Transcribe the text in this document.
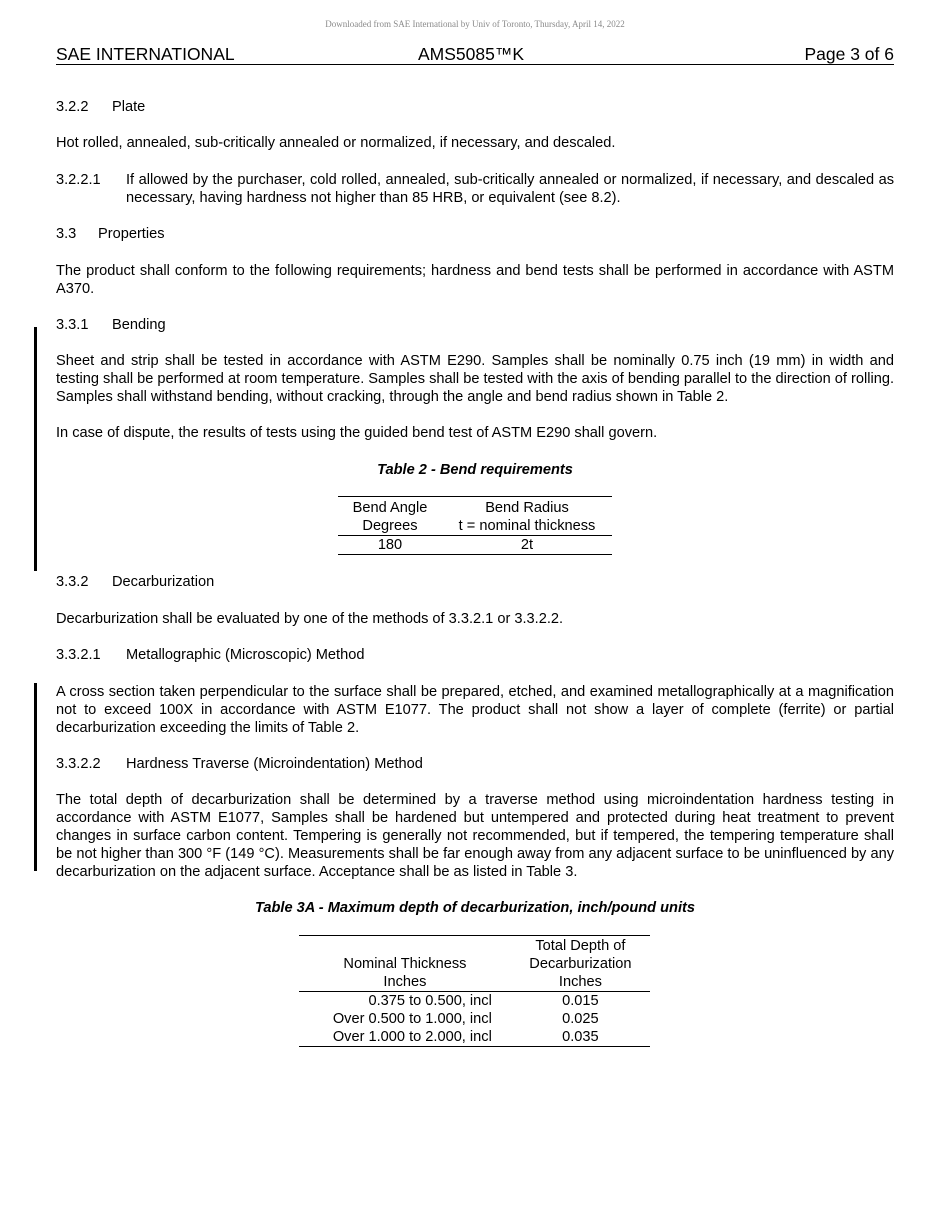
Downloaded from SAE International by Univ of Toronto, Thursday, April 14, 2022
SAE INTERNATIONAL	AMS5085™K	Page 3 of 6
3.2.2 Plate
Hot rolled, annealed, sub-critically annealed or normalized, if necessary, and descaled.
3.2.2.1 If allowed by the purchaser, cold rolled, annealed, sub-critically annealed or normalized, if necessary, and descaled as necessary, having hardness not higher than 85 HRB, or equivalent (see 8.2).
3.3 Properties
The product shall conform to the following requirements; hardness and bend tests shall be performed in accordance with ASTM A370.
3.3.1 Bending
Sheet and strip shall be tested in accordance with ASTM E290. Samples shall be nominally 0.75 inch (19 mm) in width and testing shall be performed at room temperature. Samples shall be tested with the axis of bending parallel to the direction of rolling. Samples shall withstand bending, without cracking, through the angle and bend radius shown in Table 2.
In case of dispute, the results of tests using the guided bend test of ASTM E290 shall govern.
Table 2 - Bend requirements
Bend Angle	Bend Radius
Degrees	t = nominal thickness
180	2t
3.3.2 Decarburization
Decarburization shall be evaluated by one of the methods of 3.3.2.1 or 3.3.2.2.
3.3.2.1 Metallographic (Microscopic) Method
A cross section taken perpendicular to the surface shall be prepared, etched, and examined metallographically at a magnification not to exceed 100X in accordance with ASTM E1077. The product shall not show a layer of complete (ferrite) or partial decarburization exceeding the limits of Table 2.
3.3.2.2 Hardness Traverse (Microindentation) Method
The total depth of decarburization shall be determined by a traverse method using microindentation hardness testing in accordance with ASTM E1077, Samples shall be hardened but untempered and protected during heat treatment to prevent changes in surface carbon content. Tempering is generally not recommended, but if tempered, the tempering temperature shall be not higher than 300 °F (149 °C). Measurements shall be far enough away from any adjacent surface to be uninfluenced by any decarburization on the adjacent surface. Acceptance shall be as listed in Table 3.
Table 3A - Maximum depth of decarburization, inch/pound units
	Total Depth of
Nominal Thickness	Decarburization
Inches	Inches
0.375 to 0.500, incl	0.015
Over 0.500 to 1.000, incl	0.025
Over 1.000 to 2.000, incl	0.035
